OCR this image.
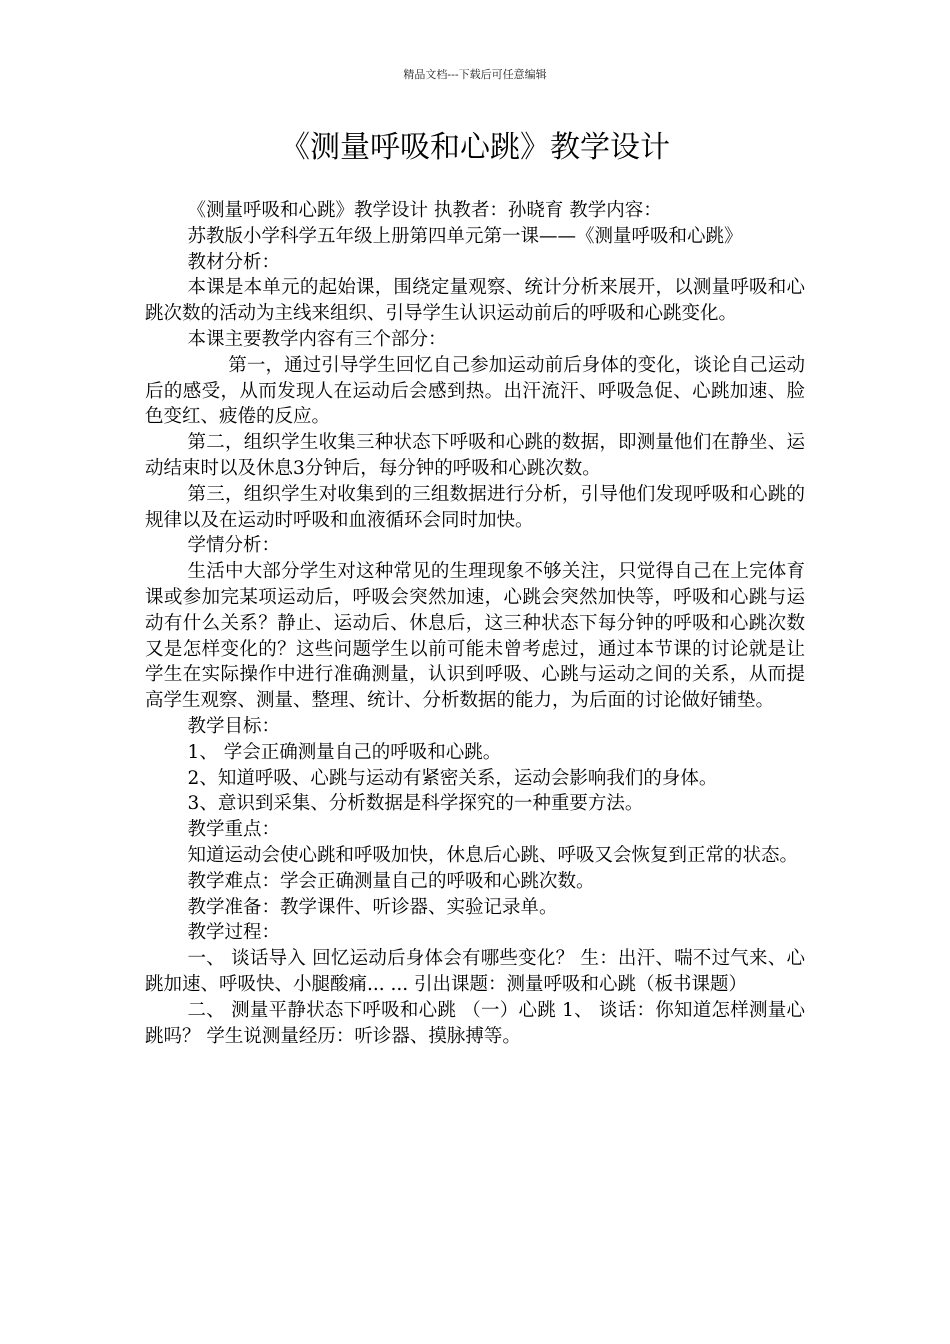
精品文档---下载后可任意编辑
《测量呼吸和心跳》教学设计

《测量呼吸和心跳》教学设计 执教者：孙晓育 教学内容：

苏教版小学科学五年级上册第四单元第一课——《测量呼吸和心跳》

教材分析：

本课是本单元的起始课，围绕定量观察、统计分析来展开，以测量呼吸和心跳次数的活动为主线来组织、引导学生认识运动前后的呼吸和心跳变化。

本课主要教学内容有三个部分：

第一，通过引导学生回忆自己参加运动前后身体的变化，谈论自己运动后的感受，从而发现人在运动后会感到热。出汗流汗、呼吸急促、心跳加速、脸色变红、疲倦的反应。

第二，组织学生收集三种状态下呼吸和心跳的数据，即测量他们在静坐、运动结束时以及休息3分钟后，每分钟的呼吸和心跳次数。

第三，组织学生对收集到的三组数据进行分析，引导他们发现呼吸和心跳的规律以及在运动时呼吸和血液循环会同时加快。

学情分析：

生活中大部分学生对这种常见的生理现象不够关注，只觉得自己在上完体育课或参加完某项运动后，呼吸会突然加速，心跳会突然加快等，呼吸和心跳与运动有什么关系？静止、运动后、休息后，这三种状态下每分钟的呼吸和心跳次数又是怎样变化的？这些问题学生以前可能未曾考虑过，通过本节课的讨论就是让学生在实际操作中进行准确测量，认识到呼吸、心跳与运动之间的关系，从而提高学生观察、测量、整理、统计、分析数据的能力，为后面的讨论做好铺垫。

教学目标：

1、 学会正确测量自己的呼吸和心跳。

2、知道呼吸、心跳与运动有紧密关系，运动会影响我们的身体。

3、意识到采集、分析数据是科学探究的一种重要方法。

教学重点：

知道运动会使心跳和呼吸加快，休息后心跳、呼吸又会恢复到正常的状态。

教学难点：学会正确测量自己的呼吸和心跳次数。

教学准备：教学课件、听诊器、实验记录单。

教学过程：

一、 谈话导入 回忆运动后身体会有哪些变化？ 生：出汗、喘不过气来、心跳加速、呼吸快、小腿酸痛... ... 引出课题：测量呼吸和心跳（板书课题）

二、 测量平静状态下呼吸和心跳 （一）心跳 1、 谈话：你知道怎样测量心跳吗？ 学生说测量经历：听诊器、摸脉搏等。
